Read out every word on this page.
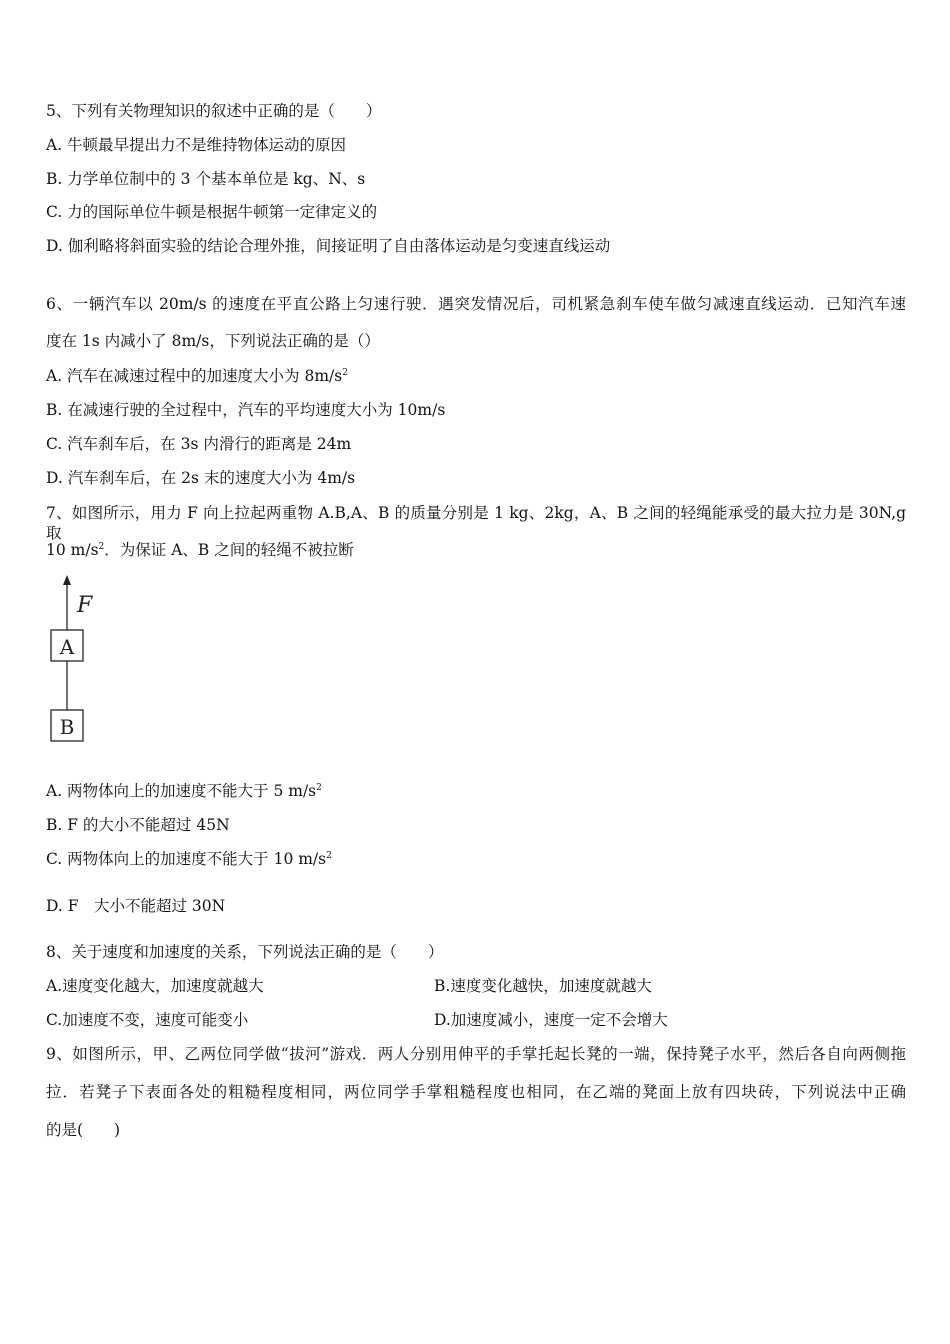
5、下列有关物理知识的叙述中正确的是（　　）
A. 牛顿最早提出力不是维持物体运动的原因
B. 力学单位制中的 3 个基本单位是 kg、N、s
C. 力的国际单位牛顿是根据牛顿第一定律定义的
D. 伽利略将斜面实验的结论合理外推，间接证明了自由落体运动是匀变速直线运动
6、一辆汽车以 20m/s 的速度在平直公路上匀速行驶．遇突发情况后，司机紧急刹车使车做匀减速直线运动．已知汽车速
度在 1s 内减小了 8m/s，下列说法正确的是（）
A. 汽车在减速过程中的加速度大小为 $8m/s^2$
B. 在减速行驶的全过程中，汽车的平均速度大小为 10m/s
C. 汽车刹车后，在 3s 内滑行的距离是 24m
D. 汽车刹车后，在 2s 末的速度大小为 4m/s
7、如图所示，用力 F 向上拉起两重物 A.B,A、B 的质量分别是 1 kg、2kg，A、B 之间的轻绳能承受的最大拉力是 30N,g 取
10 $m/s^2$．为保证 A、B 之间的轻绳不被拉断
F
A
B
A. 两物体向上的加速度不能大于 5 $m/s^2$
B. F 的大小不能超过 45N
C. 两物体向上的加速度不能大于 10 $m/s^2$
D. F　大小不能超过 30N
8、关于速度和加速度的关系，下列说法正确的是（　　）
A.速度变化越大，加速度就越大	B.速度变化越快，加速度就越大
C.加速度不变，速度可能变小	D.加速度减小，速度一定不会增大
9、如图所示，甲、乙两位同学做“拔河”游戏．两人分别用伸平的手掌托起长凳的一端，保持凳子水平，然后各自向两侧拖
拉．若凳子下表面各处的粗糙程度相同，两位同学手掌粗糙程度也相同，在乙端的凳面上放有四块砖，下列说法中正确
的是(　　)
